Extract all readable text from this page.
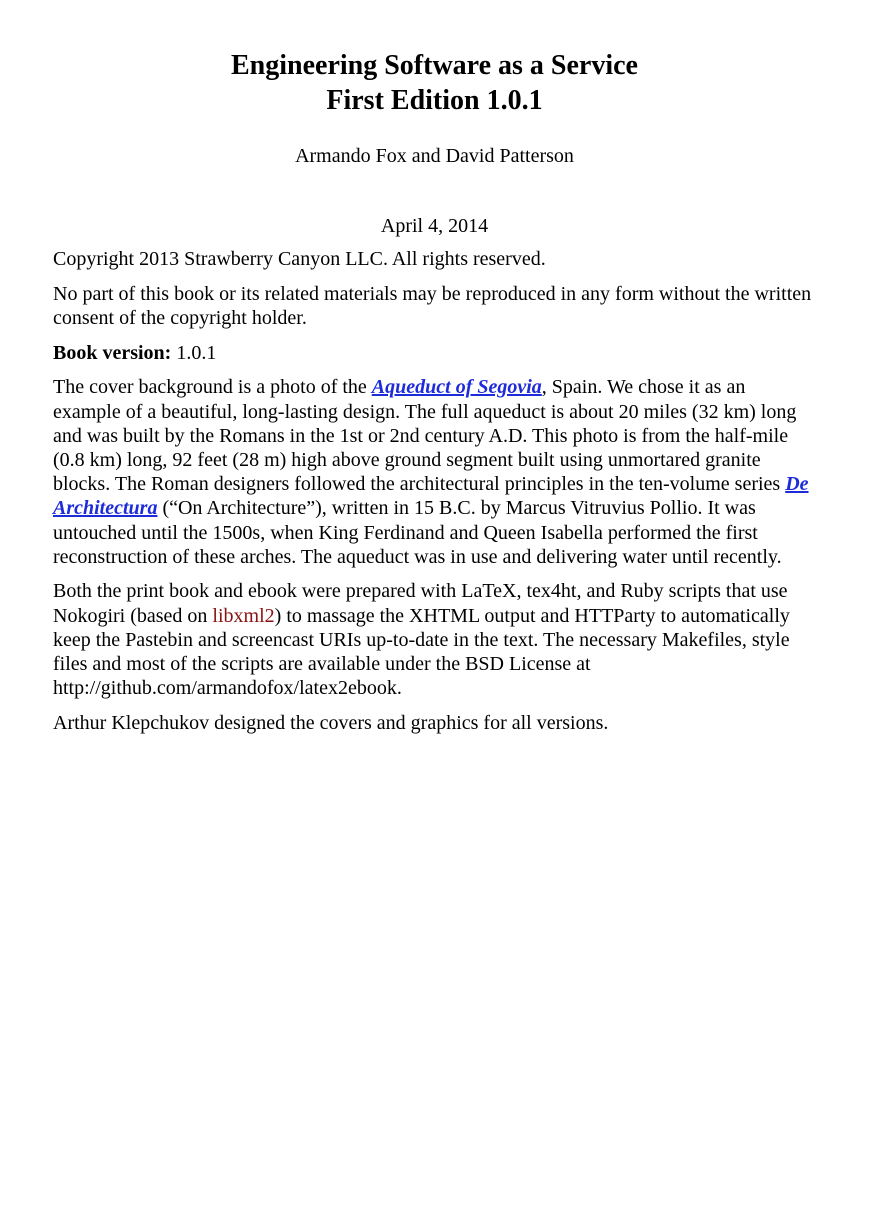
Engineering Software as a Service
First Edition 1.0.1
Armando Fox and David Patterson
April 4, 2014

Copyright 2013 Strawberry Canyon LLC. All rights reserved.

No part of this book or its related materials may be reproduced in any form without the written consent of the copyright holder.

Book version: 1.0.1

The cover background is a photo of the Aqueduct of Segovia, Spain. We chose it as an example of a beautiful, long-lasting design. The full aqueduct is about 20 miles (32 km) long and was built by the Romans in the 1st or 2nd century A.D. This photo is from the half-mile (0.8 km) long, 92 feet (28 m) high above ground segment built using unmortared granite blocks. The Roman designers followed the architectural principles in the ten-volume series De Architectura (“On Architecture”), written in 15 B.C. by Marcus Vitruvius Pollio. It was untouched until the 1500s, when King Ferdinand and Queen Isabella performed the first reconstruction of these arches. The aqueduct was in use and delivering water until recently.

Both the print book and ebook were prepared with LaTeX, tex4ht, and Ruby scripts that use Nokogiri (based on libxml2) to massage the XHTML output and HTTParty to automatically keep the Pastebin and screencast URIs up-to-date in the text. The necessary Makefiles, style files and most of the scripts are available under the BSD License at http://github.com/armandofox/latex2ebook.

Arthur Klepchukov designed the covers and graphics for all versions.
